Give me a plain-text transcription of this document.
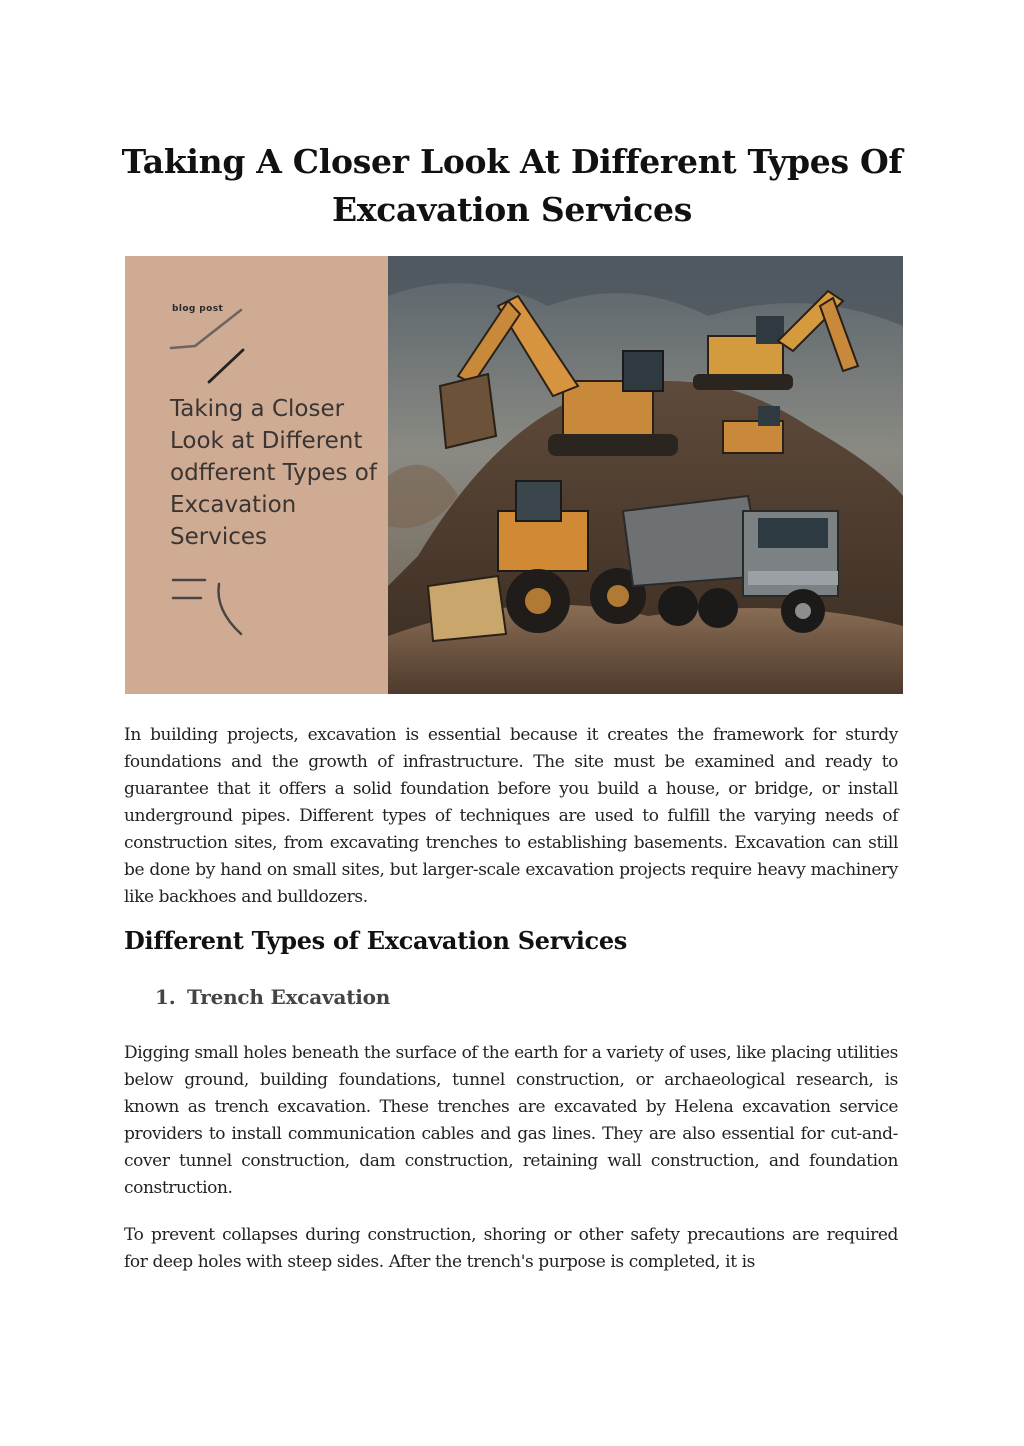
Taking A Closer Look At Different Types Of
Excavation Services
blog post
Taking a Closer Look at Different odfferent Types of Excavation Services

In building projects, excavation is essential because it creates the framework for sturdy foundations and the growth of infrastructure. The site must be examined and ready to guarantee that it offers a solid foundation before you build a house, or bridge, or install underground pipes. Different types of techniques are used to fulfill the varying needs of construction sites, from excavating trenches to establishing basements. Excavation can still be done by hand on small sites, but larger-scale excavation projects require heavy machinery like backhoes and bulldozers.

Different Types of Excavation Services
1. Trench Excavation

Digging small holes beneath the surface of the earth for a variety of uses, like placing utilities below ground, building foundations, tunnel construction, or archaeological research, is known as trench excavation. These trenches are excavated by Helena excavation service providers to install communication cables and gas lines. They are also essential for cut-and-cover tunnel construction, dam construction, retaining wall construction, and foundation construction.

To prevent collapses during construction, shoring or other safety precautions are required for deep holes with steep sides. After the trench's purpose is completed, it is
